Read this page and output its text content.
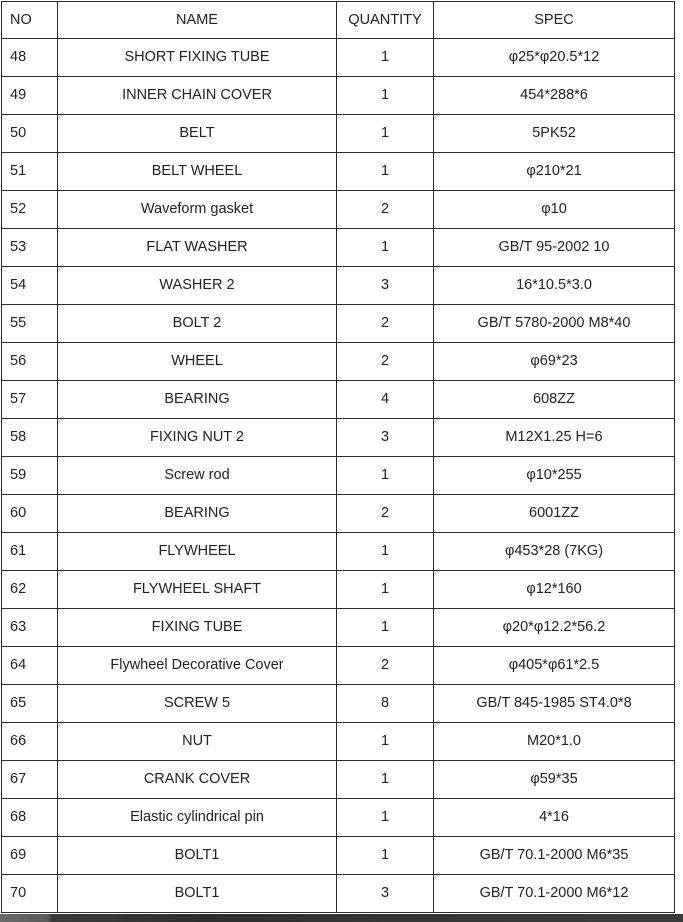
NO	NAME	QUANTITY	SPEC
48	SHORT FIXING TUBE	1	φ25*φ20.5*12
49	INNER CHAIN COVER	1	454*288*6
50	BELT	1	5PK52
51	BELT WHEEL	1	φ210*21
52	Waveform gasket	2	φ10
53	FLAT WASHER	1	GB/T 95-2002 10
54	WASHER 2	3	16*10.5*3.0
55	BOLT 2	2	GB/T 5780-2000 M8*40
56	WHEEL	2	φ69*23
57	BEARING	4	608ZZ
58	FIXING NUT 2	3	M12X1.25 H=6
59	Screw rod	1	φ10*255
60	BEARING	2	6001ZZ
61	FLYWHEEL	1	φ453*28 (7KG)
62	FLYWHEEL SHAFT	1	φ12*160
63	FIXING TUBE	1	φ20*φ12.2*56.2
64	Flywheel Decorative Cover	2	φ405*φ61*2.5
65	SCREW 5	8	GB/T 845-1985 ST4.0*8
66	NUT	1	M20*1.0
67	CRANK COVER	1	φ59*35
68	Elastic cylindrical pin	1	4*16
69	BOLT1	1	GB/T 70.1-2000 M6*35
70	BOLT1	3	GB/T 70.1-2000 M6*12
